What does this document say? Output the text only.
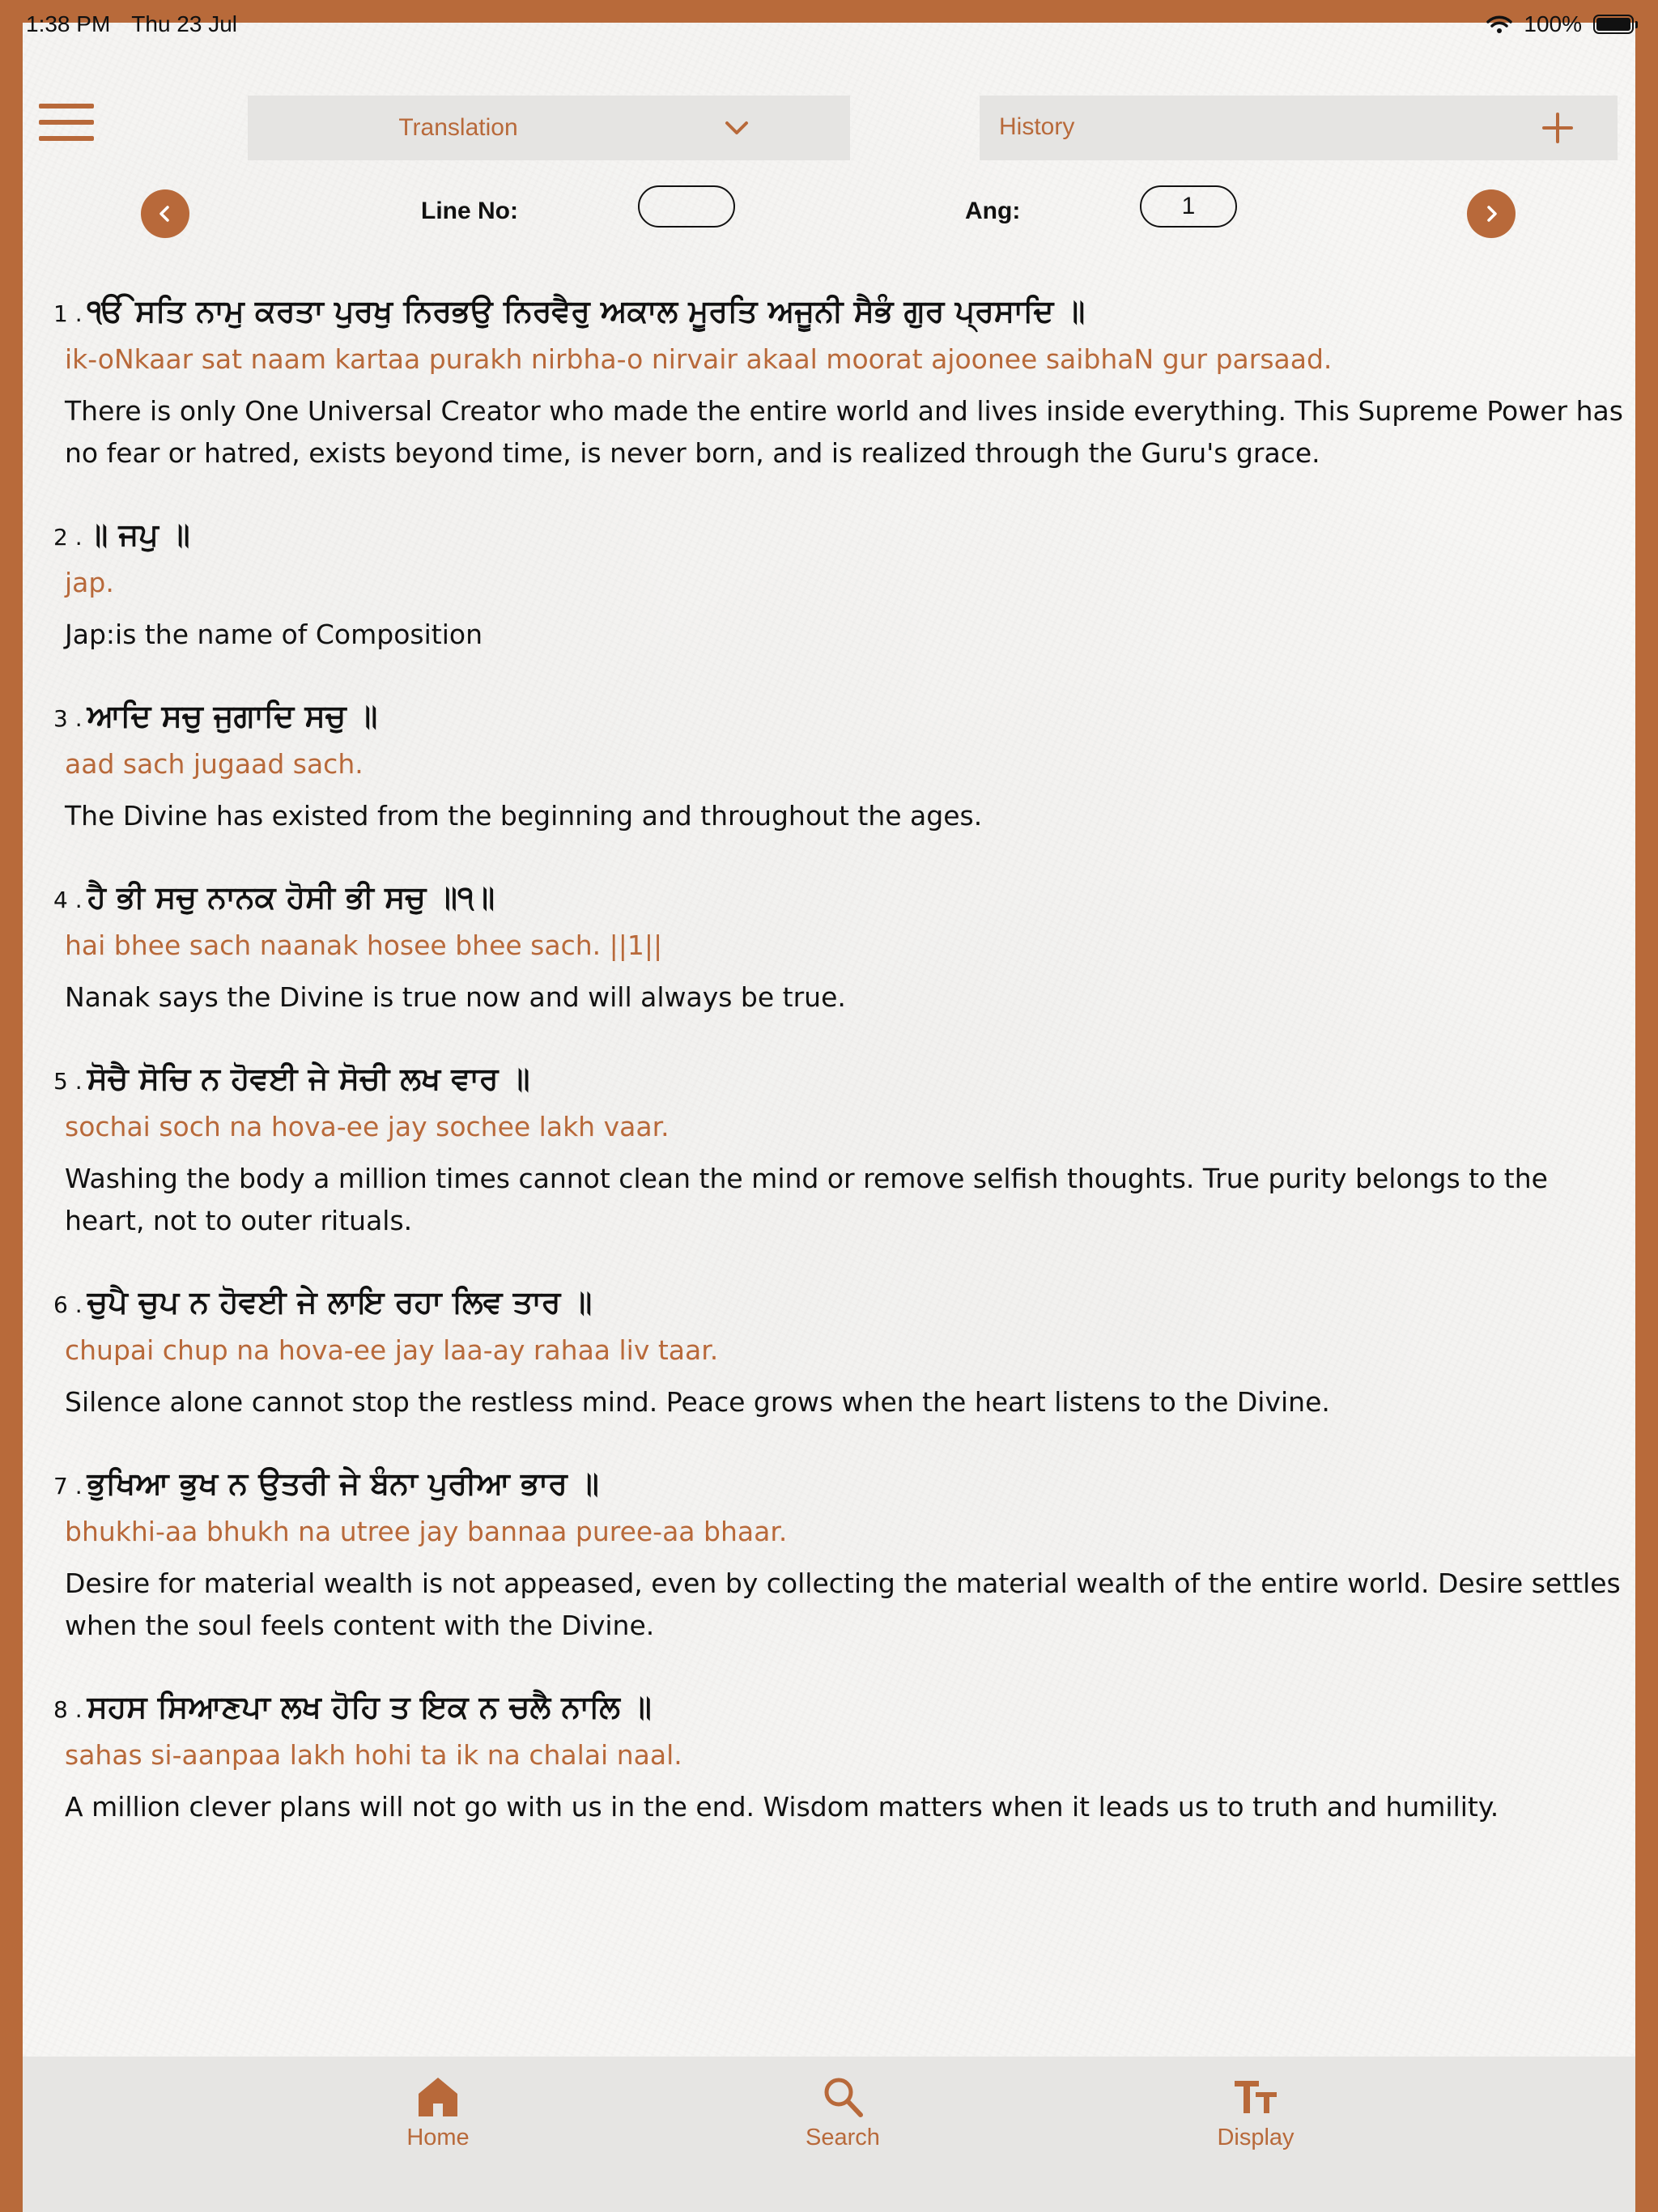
Translation	History
Line No:	Ang:	1
1 . ੴ ਸਤਿ ਨਾਮੁ ਕਰਤਾ ਪੁਰਖੁ ਨਿਰਭਉ ਨਿਰਵੈਰੁ ਅਕਾਲ ਮੂਰਤਿ ਅਜੂਨੀ ਸੈਭੰ ਗੁਰ ਪ੍ਰਸਾਦਿ ॥
ik-oNkaar sat naam kartaa purakh nirbha-o nirvair akaal moorat ajoonee saibhaN gur parsaad.
There is only One Universal Creator who made the entire world and lives inside everything. This Supreme Power has no fear or hatred, exists beyond time, is never born, and is realized through the Guru's grace.
2 . ॥ ਜਪੁ ॥
jap.
Jap:is the name of Composition
3 . ਆਦਿ ਸਚੁ ਜੁਗਾਦਿ ਸਚੁ ॥
aad sach jugaad sach.
The Divine has existed from the beginning and throughout the ages.
4 . ਹੈ ਭੀ ਸਚੁ ਨਾਨਕ ਹੋਸੀ ਭੀ ਸਚੁ ॥੧॥
hai bhee sach naanak hosee bhee sach. ||1||
Nanak says the Divine is true now and will always be true.
5 . ਸੋਚੈ ਸੋਚਿ ਨ ਹੋਵਈ ਜੇ ਸੋਚੀ ਲਖ ਵਾਰ ॥
sochai soch na hova-ee jay sochee lakh vaar.
Washing the body a million times cannot clean the mind or remove selfish thoughts. True purity belongs to the heart, not to outer rituals.
6 . ਚੁਪੈ ਚੁਪ ਨ ਹੋਵਈ ਜੇ ਲਾਇ ਰਹਾ ਲਿਵ ਤਾਰ ॥
chupai chup na hova-ee jay laa-ay rahaa liv taar.
Silence alone cannot stop the restless mind. Peace grows when the heart listens to the Divine.
7 . ਭੁਖਿਆ ਭੁਖ ਨ ਉਤਰੀ ਜੇ ਬੰਨਾ ਪੁਰੀਆ ਭਾਰ ॥
bhukhi-aa bhukh na utree jay bannaa puree-aa bhaar.
Desire for material wealth is not appeased, even by collecting the material wealth of the entire world. Desire settles when the soul feels content with the Divine.
8 . ਸਹਸ ਸਿਆਣਪਾ ਲਖ ਹੋਹਿ ਤ ਇਕ ਨ ਚਲੈ ਨਾਲਿ ॥
sahas si-aanpaa lakh hohi ta ik na chalai naal.
A million clever plans will not go with us in the end. Wisdom matters when it leads us to truth and humility.
Home	Search	Display
1:38 PM Thu 23 Jul	100%
